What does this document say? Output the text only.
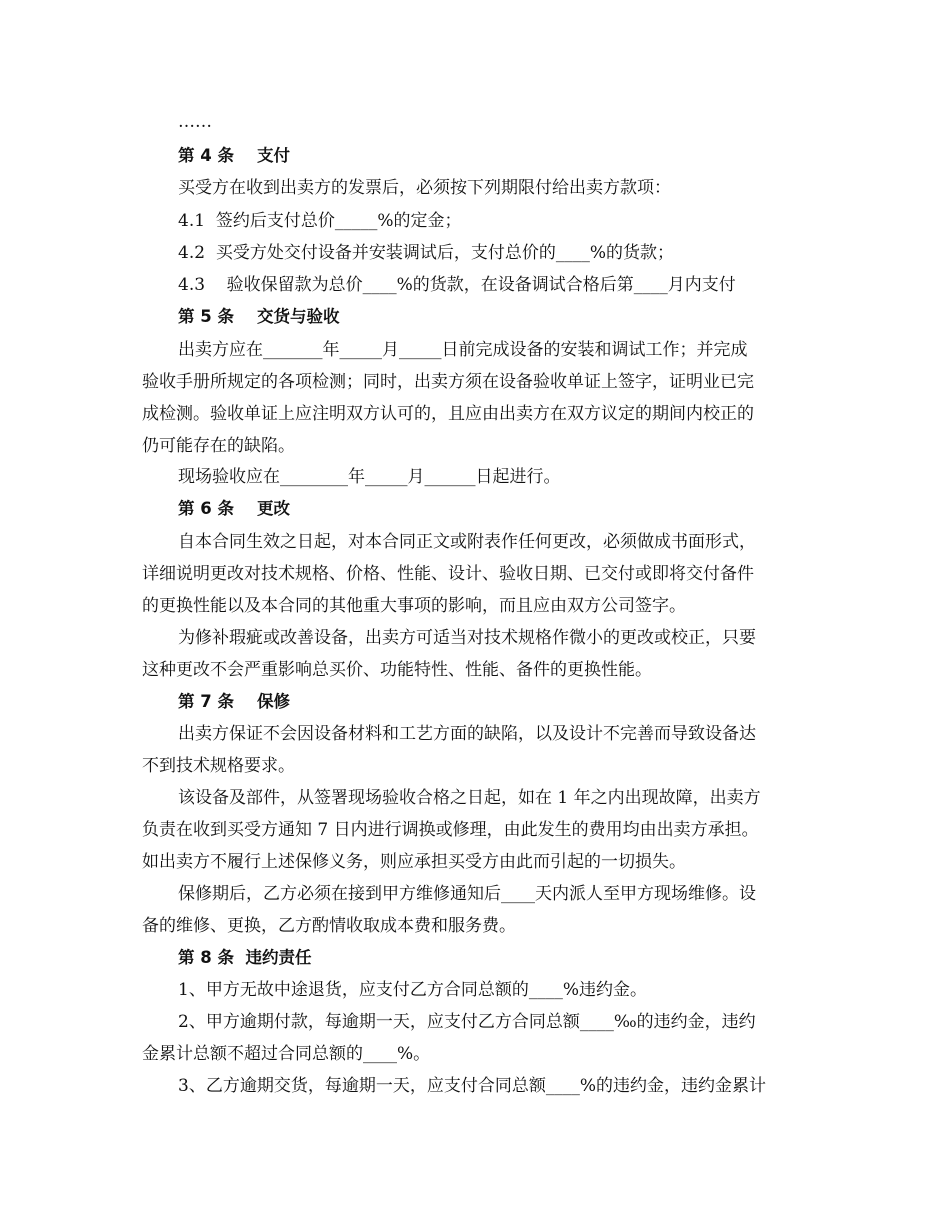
……
第 4 条    支付
买受方在收到出卖方的发票后，必须按下列期限付给出卖方款项：
4.1  签约后支付总价_____%的定金；
4.2  买受方处交付设备并安装调试后，支付总价的____%的货款；
4.3    验收保留款为总价____%的货款，在设备调试合格后第____月内支付
第 5 条    交货与验收
出卖方应在_______年_____月_____日前完成设备的安装和调试工作；并完成
验收手册所规定的各项检测；同时，出卖方须在设备验收单证上签字，证明业已完
成检测。验收单证上应注明双方认可的，且应由出卖方在双方议定的期间内校正的
仍可能存在的缺陷。
现场验收应在________年_____月______日起进行。
第 6 条    更改
自本合同生效之日起，对本合同正文或附表作任何更改，必须做成书面形式，
详细说明更改对技术规格、价格、性能、设计、验收日期、已交付或即将交付备件
的更换性能以及本合同的其他重大事项的影响，而且应由双方公司签字。
为修补瑕疵或改善设备，出卖方可适当对技术规格作微小的更改或校正，只要
这种更改不会严重影响总买价、功能特性、性能、备件的更换性能。
第 7 条    保修
出卖方保证不会因设备材料和工艺方面的缺陷，以及设计不完善而导致设备达
不到技术规格要求。
该设备及部件，从签署现场验收合格之日起，如在 1 年之内出现故障，出卖方
负责在收到买受方通知 7 日内进行调换或修理，由此发生的费用均由出卖方承担。
如出卖方不履行上述保修义务，则应承担买受方由此而引起的一切损失。
保修期后，乙方必须在接到甲方维修通知后____天内派人至甲方现场维修。设
备的维修、更换，乙方酌情收取成本费和服务费。
第 8 条  违约责任
1、甲方无故中途退货，应支付乙方合同总额的____%违约金。
2、甲方逾期付款，每逾期一天，应支付乙方合同总额____‰的违约金，违约
金累计总额不超过合同总额的____%。
3、乙方逾期交货，每逾期一天，应支付合同总额____%的违约金，违约金累计
